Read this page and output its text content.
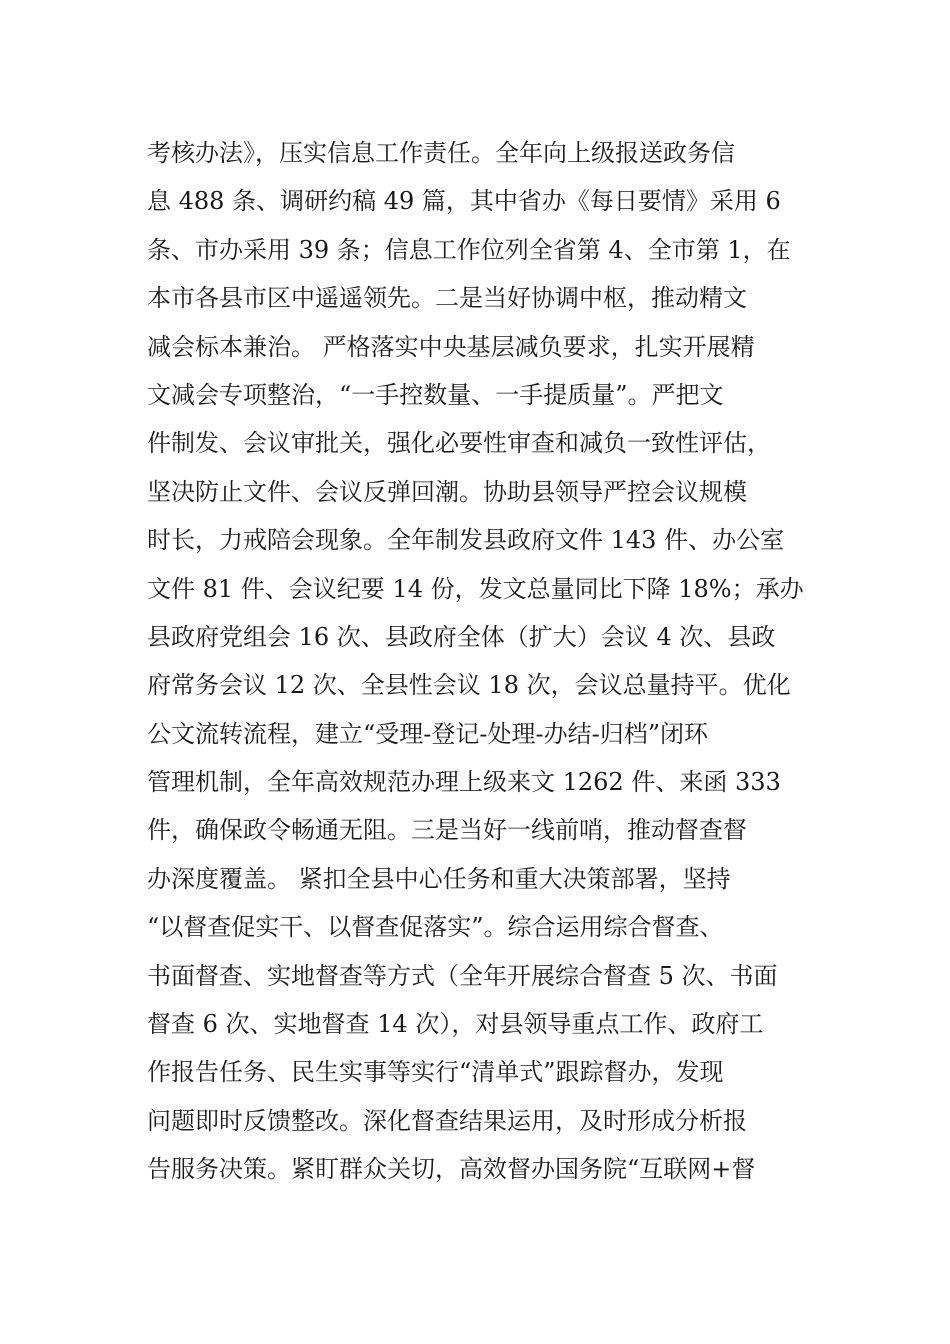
考核办法》，压实信息工作责任。全年向上级报送政务信
息 488 条、调研约稿 49 篇，其中省办《每日要情》采用 6
条、市办采用 39 条；信息工作位列全省第 4、全市第 1，在
本市各县市区中遥遥领先。二是当好协调中枢，推动精文
减会标本兼治。 严格落实中央基层减负要求，扎实开展精
文减会专项整治，“一手控数量、一手提质量”。严把文
件制发、会议审批关，强化必要性审查和减负一致性评估，
坚决防止文件、会议反弹回潮。协助县领导严控会议规模
时长，力戒陪会现象。全年制发县政府文件 143 件、办公室
文件 81 件、会议纪要 14 份，发文总量同比下降 18%；承办
县政府党组会 16 次、县政府全体（扩大）会议 4 次、县政
府常务会议 12 次、全县性会议 18 次，会议总量持平。优化
公文流转流程，建立“受理-登记-处理-办结-归档”闭环
管理机制，全年高效规范办理上级来文 1262 件、来函 333
件，确保政令畅通无阻。三是当好一线前哨，推动督查督
办深度覆盖。 紧扣全县中心任务和重大决策部署，坚持
“以督查促实干、以督查促落实”。综合运用综合督查、
书面督查、实地督查等方式（全年开展综合督查 5 次、书面
督查 6 次、实地督查 14 次），对县领导重点工作、政府工
作报告任务、民生实事等实行“清单式”跟踪督办，发现
问题即时反馈整改。深化督查结果运用，及时形成分析报
告服务决策。紧盯群众关切，高效督办国务院“互联网+督
